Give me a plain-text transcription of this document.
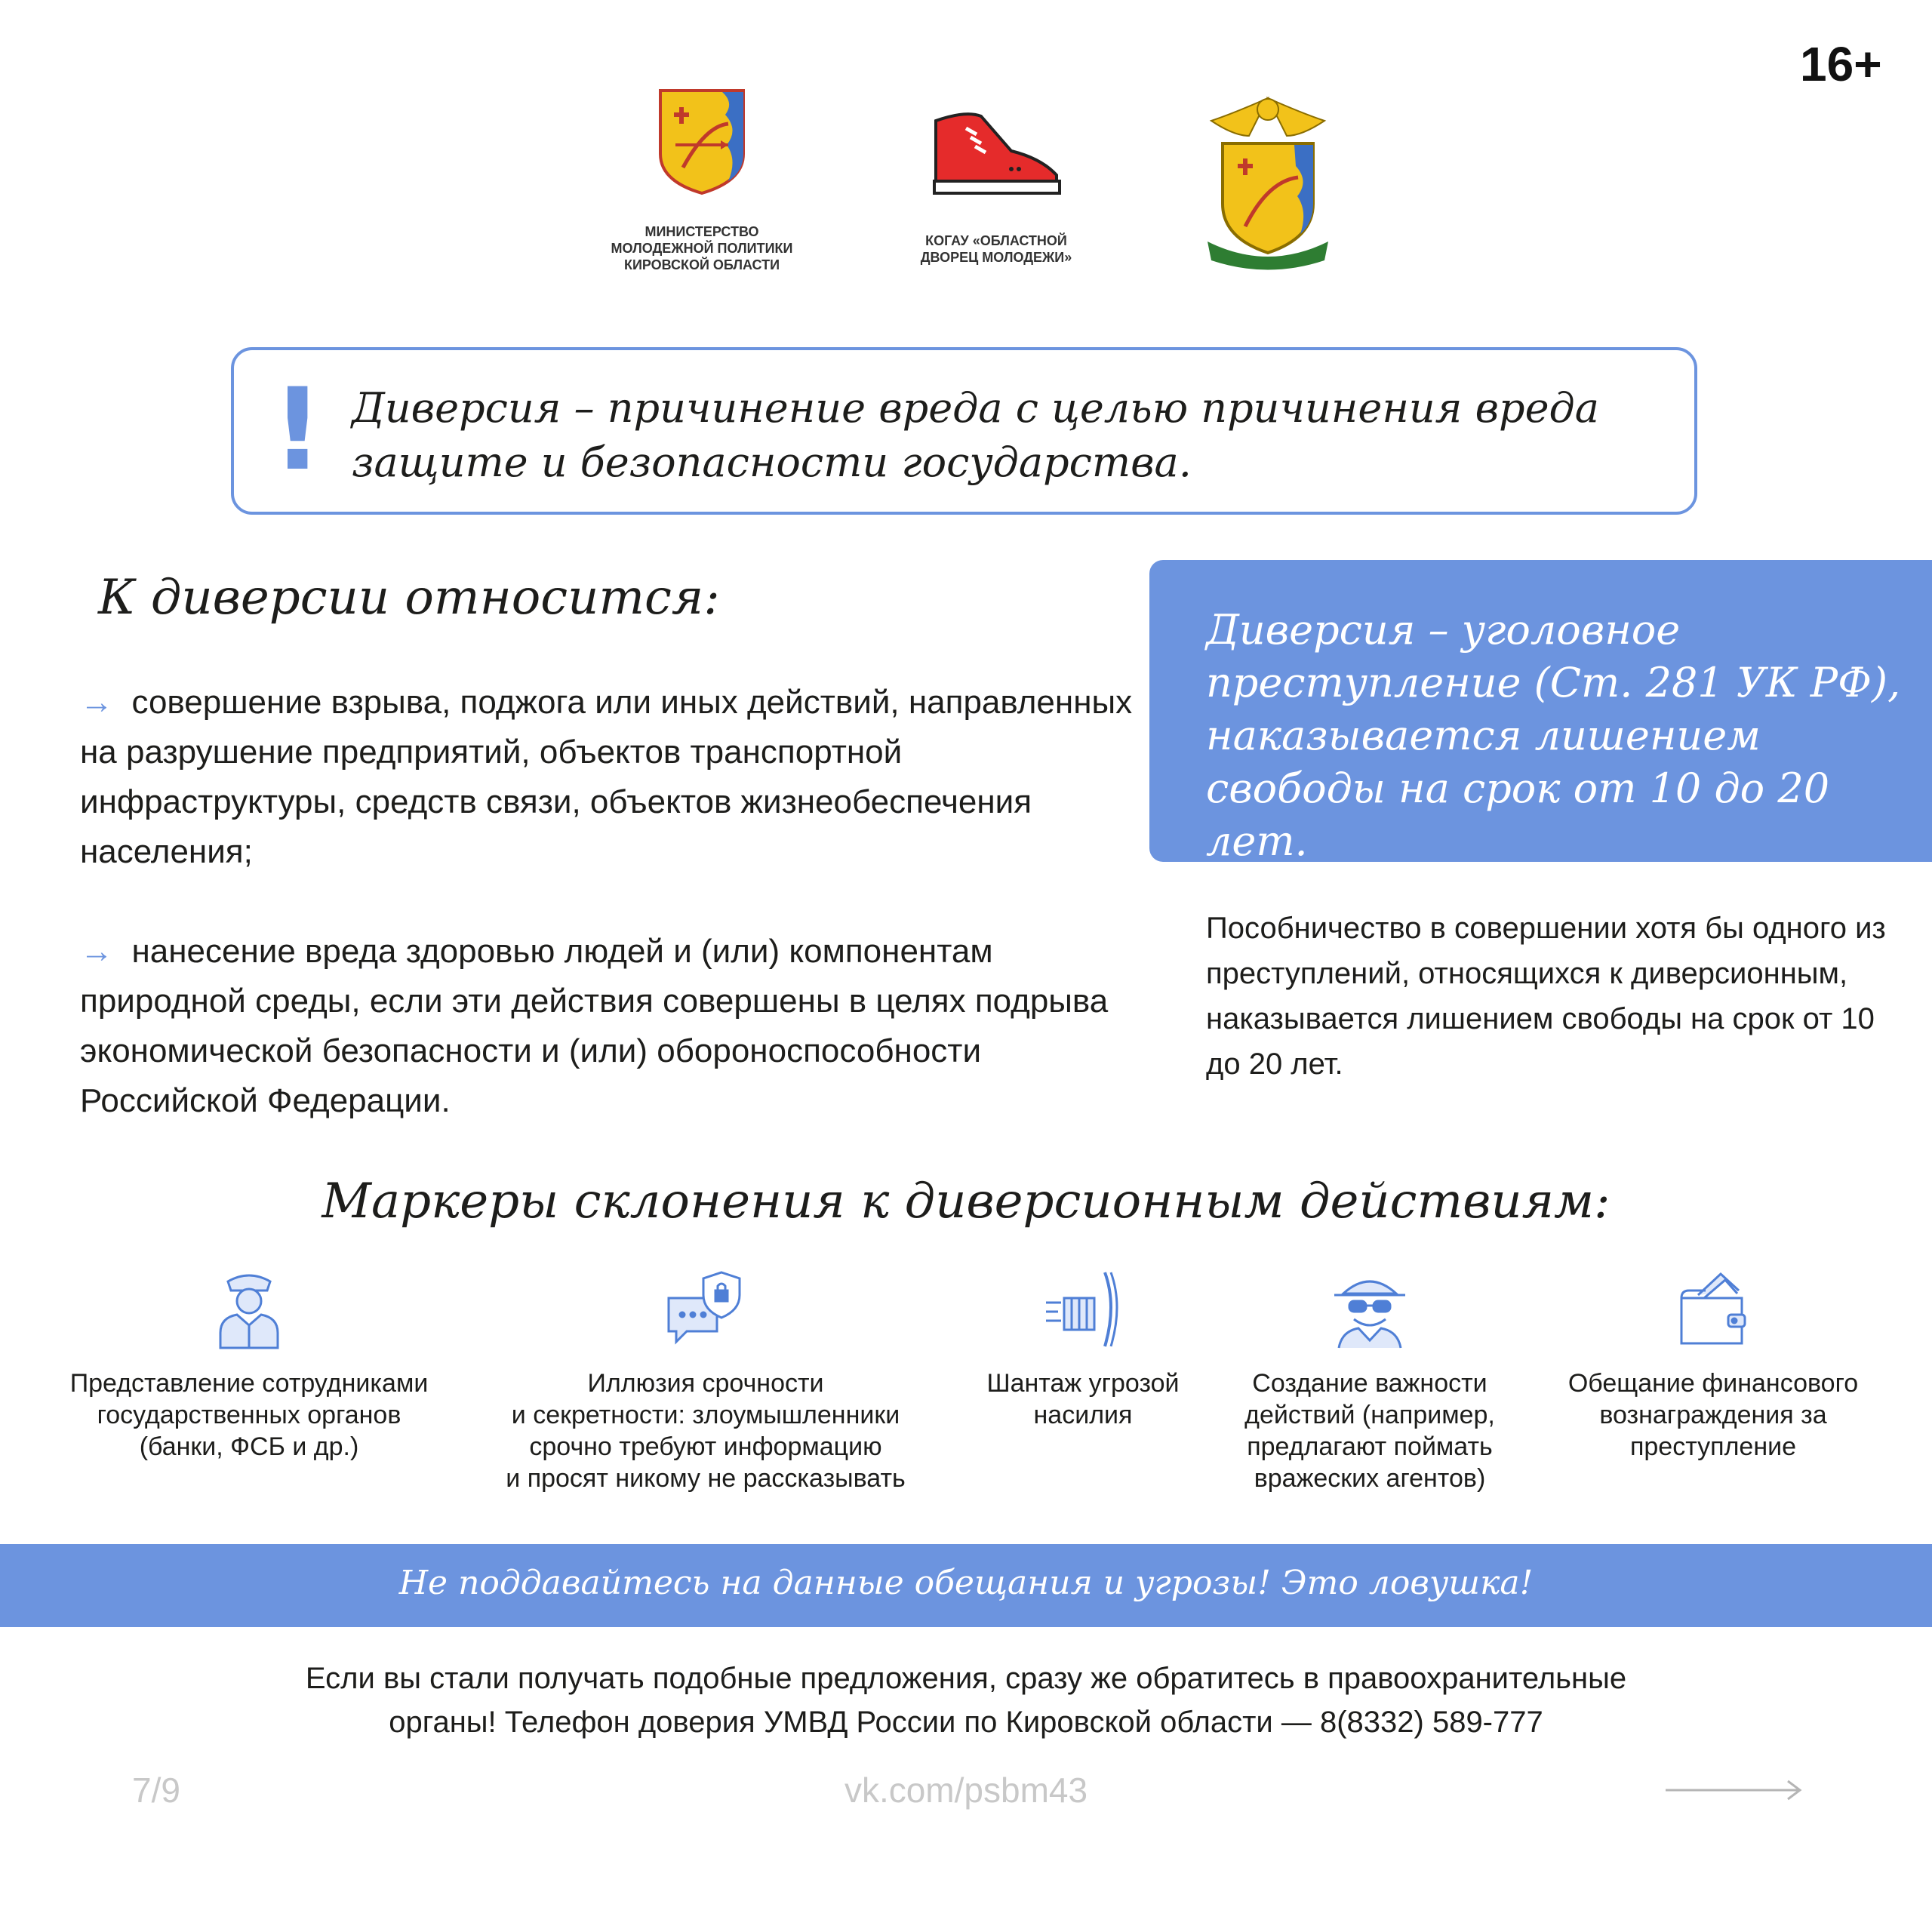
16+
МИНИСТЕРСТВО
МОЛОДЕЖНОЙ ПОЛИТИКИ
КИРОВСКОЙ ОБЛАСТИ
КОГАУ «ОБЛАСТНОЙ
ДВОРЕЦ МОЛОДЕЖИ»
! Диверсия – причинение вреда с целью причинения вреда защите и безопасности государства.
К диверсии относится:
→ совершение взрыва, поджога или иных действий, направленных на разрушение предприятий, объектов транспортной инфраструктуры, средств связи, объектов жизнеобеспечения населения;
→ нанесение вреда здоровью людей и (или) компонентам природной среды, если эти действия совершены в целях подрыва экономической безопасности и (или) обороноспособности Российской Федерации.
Диверсия – уголовное преступление (Ст. 281 УК РФ), наказывается лишением свободы на срок от 10 до 20 лет.
Пособничество в совершении хотя бы одного из преступлений, относящихся к диверсионным, наказывается лишением свободы на срок от 10 до 20 лет.
Маркеры склонения к диверсионным действиям:
Представление сотрудниками
государственных органов
(банки, ФСБ и др.)
Иллюзия срочности
и секретности: злоумышленники
срочно требуют информацию
и просят никому не рассказывать
Шантаж угрозой
насилия
Создание важности
действий (например,
предлагают поймать
вражеских агентов)
Обещание финансового
вознаграждения за
преступление
Не поддавайтесь на данные обещания и угрозы! Это ловушка!
Если вы стали получать подобные предложения, сразу же обратитесь в правоохранительные
органы! Телефон доверия УМВД России по Кировской области — 8(8332) 589-777
7/9	vk.com/psbm43
